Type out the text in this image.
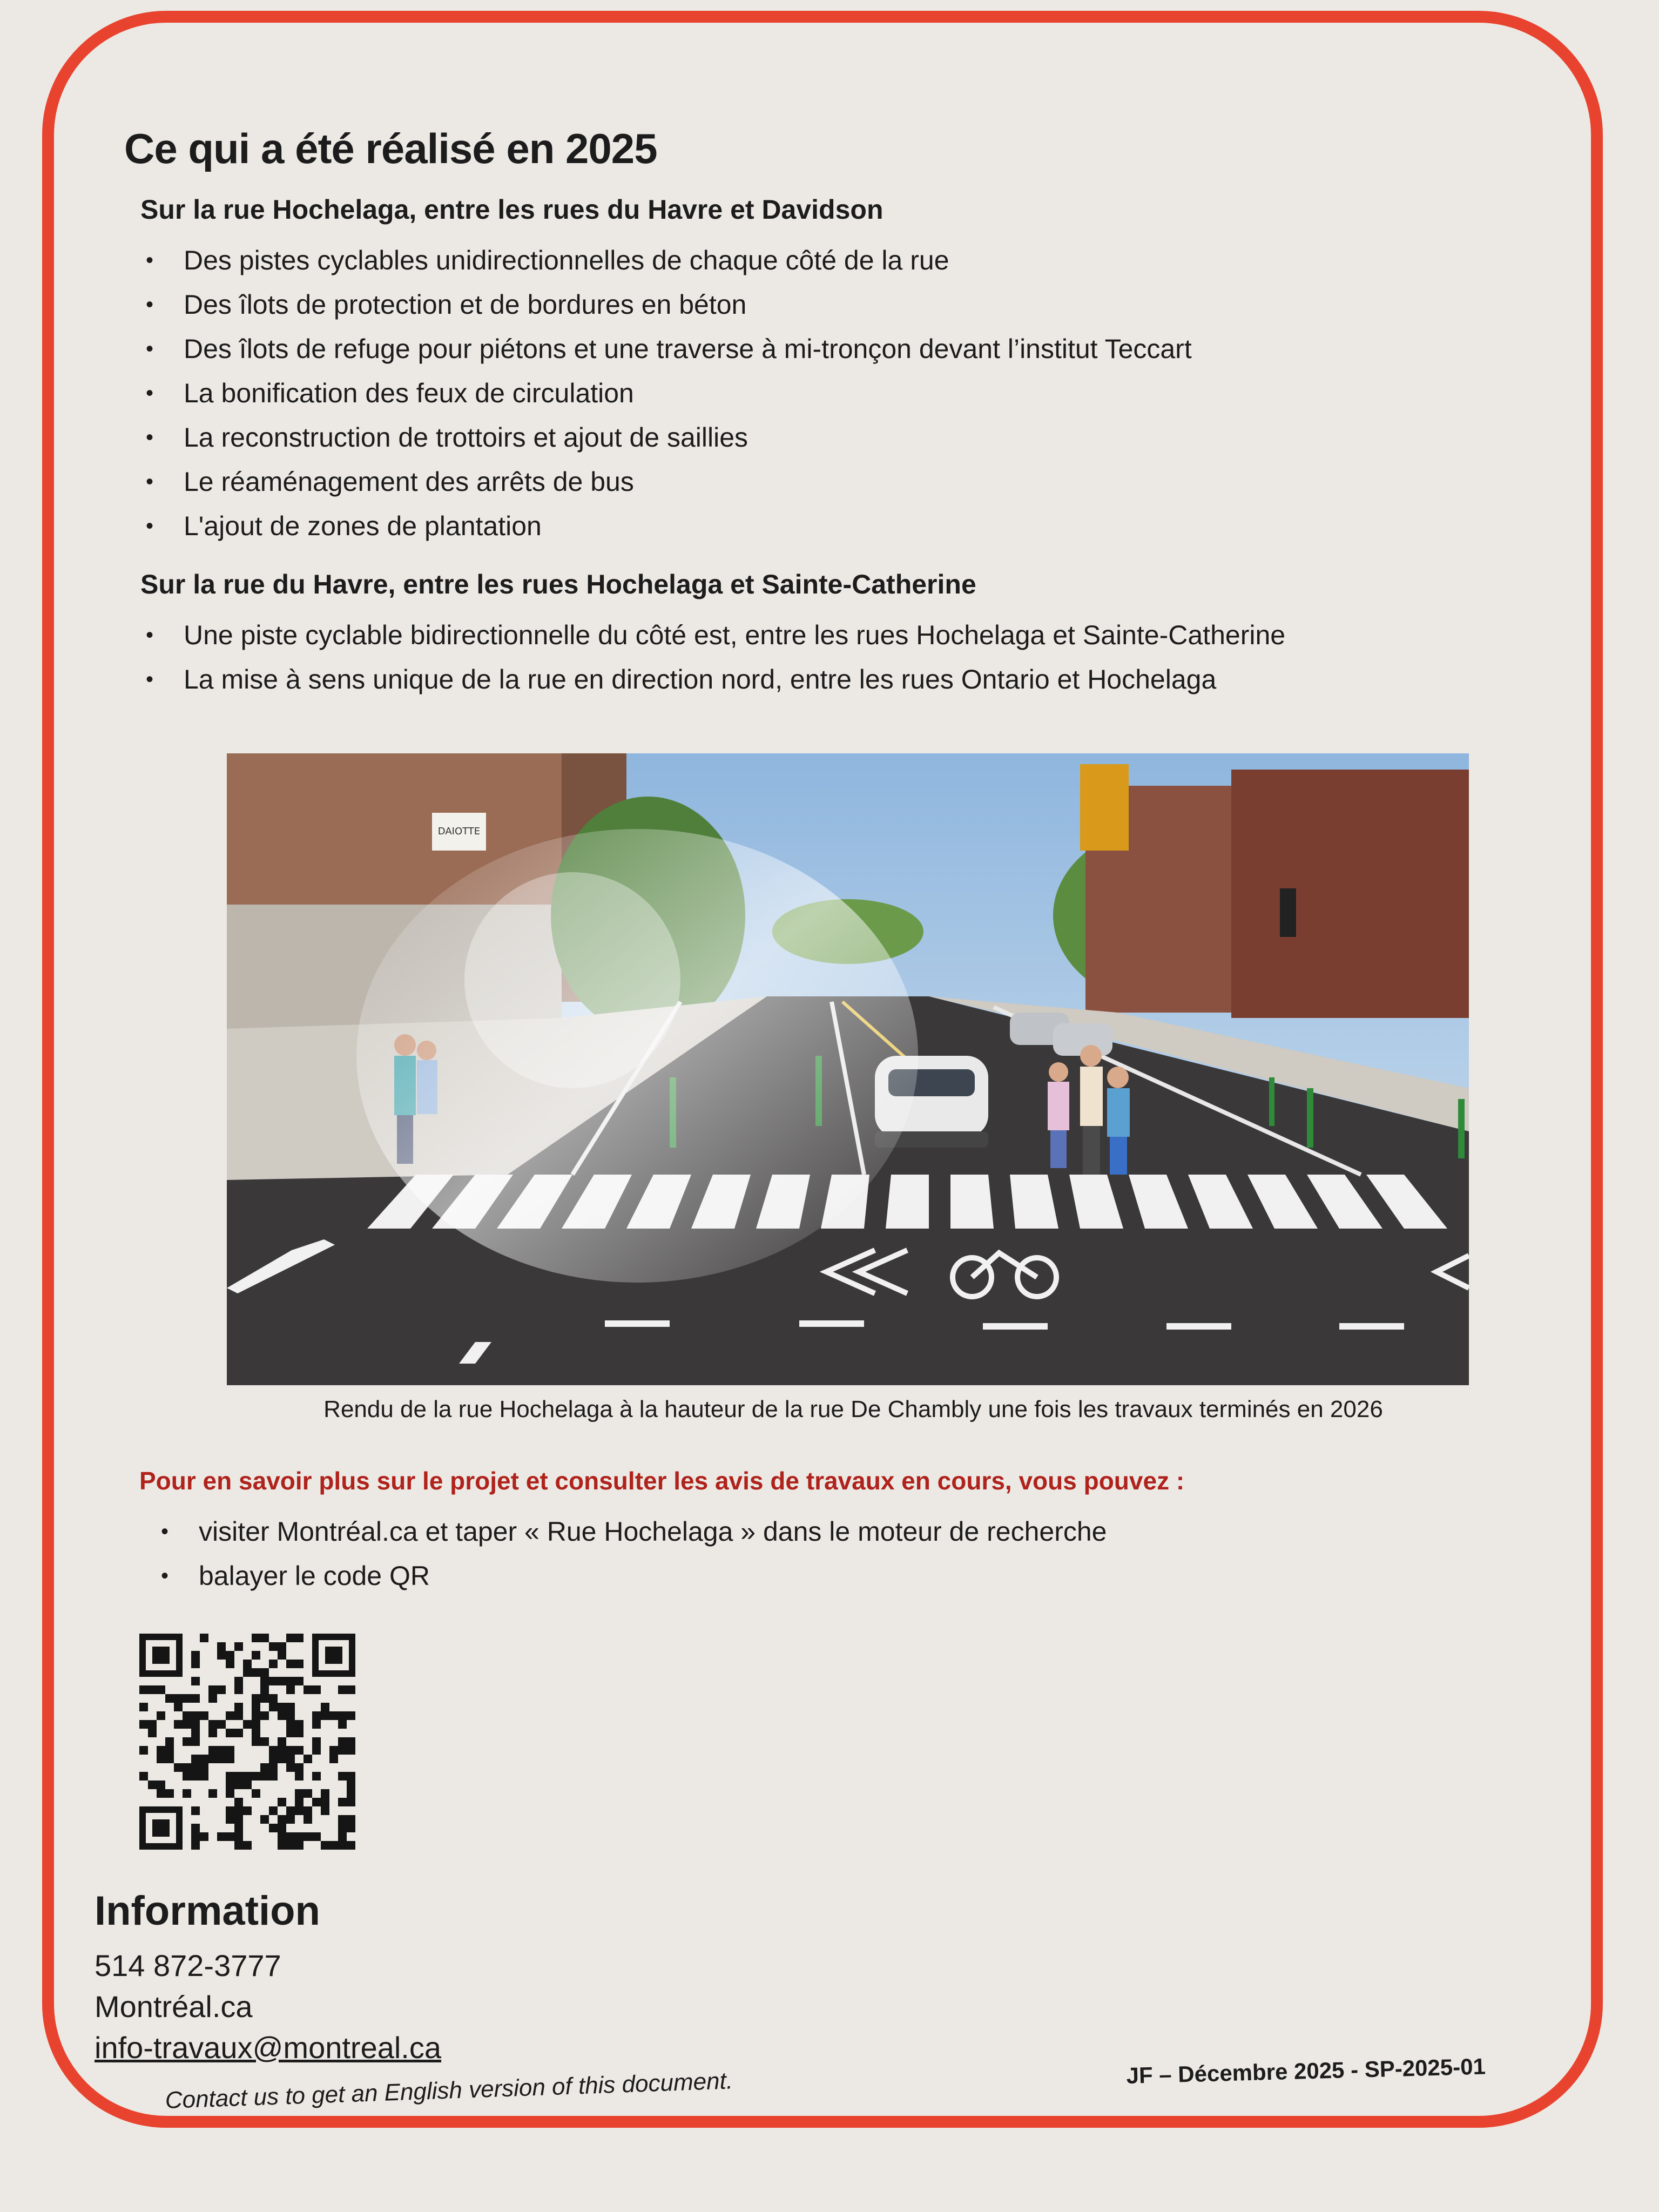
Ce qui a été réalisé en 2025
Sur la rue Hochelaga, entre les rues du Havre et Davidson
• Des pistes cyclables unidirectionnelles de chaque côté de la rue
• Des îlots de protection et de bordures en béton
• Des îlots de refuge pour piétons et une traverse à mi-tronçon devant l’institut Teccart
• La bonification des feux de circulation
• La reconstruction de trottoirs et ajout de saillies
• Le réaménagement des arrêts de bus
• L'ajout de zones de plantation
Sur la rue du Havre, entre les rues Hochelaga et Sainte-Catherine
• Une piste cyclable bidirectionnelle du côté est, entre les rues Hochelaga et Sainte-Catherine
• La mise à sens unique de la rue en direction nord, entre les rues Ontario et Hochelaga
DAIOTTE
Rendu de la rue Hochelaga à la hauteur de la rue De Chambly une fois les travaux terminés en 2026
Pour en savoir plus sur le projet et consulter les avis de travaux en cours, vous pouvez :
• visiter Montréal.ca et taper « Rue Hochelaga » dans le moteur de recherche
• balayer le code QR
Information
514 872-3777
Montréal.ca
info-travaux@montreal.ca
Contact us to get an English version of this document.	JF – Décembre 2025 - SP-2025-01
